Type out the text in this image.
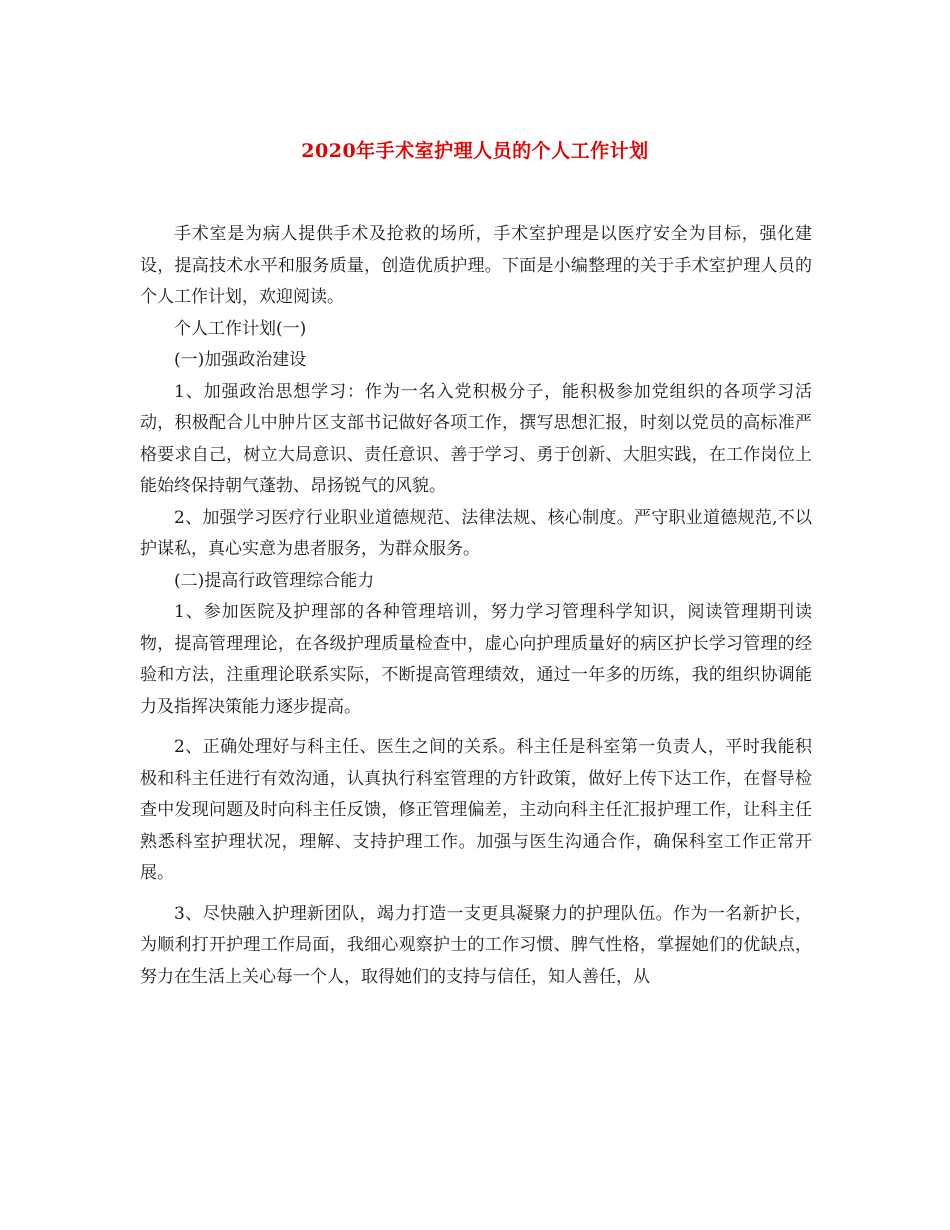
2020年手术室护理人员的个人工作计划

手术室是为病人提供手术及抢救的场所，手术室护理是以医疗安全为目标，强化建设，提高技术水平和服务质量，创造优质护理。下面是小编整理的关于手术室护理人员的个人工作计划，欢迎阅读。

个人工作计划(一)

(一)加强政治建设

1、加强政治思想学习：作为一名入党积极分子，能积极参加党组织的各项学习活动，积极配合儿中肿片区支部书记做好各项工作，撰写思想汇报，时刻以党员的高标准严格要求自己，树立大局意识、责任意识、善于学习、勇于创新、大胆实践，在工作岗位上能始终保持朝气蓬勃、昂扬锐气的风貌。

2、加强学习医疗行业职业道德规范、法律法规、核心制度。严守职业道德规范,不以护谋私，真心实意为患者服务，为群众服务。

(二)提高行政管理综合能力

1、参加医院及护理部的各种管理培训，努力学习管理科学知识，阅读管理期刊读物，提高管理理论，在各级护理质量检查中，虚心向护理质量好的病区护长学习管理的经验和方法，注重理论联系实际，不断提高管理绩效，通过一年多的历练，我的组织协调能力及指挥决策能力逐步提高。

2、正确处理好与科主任、医生之间的关系。科主任是科室第一负责人，平时我能积极和科主任进行有效沟通，认真执行科室管理的方针政策，做好上传下达工作，在督导检查中发现问题及时向科主任反馈，修正管理偏差，主动向科主任汇报护理工作，让科主任熟悉科室护理状况，理解、支持护理工作。加强与医生沟通合作，确保科室工作正常开展。

3、尽快融入护理新团队，竭力打造一支更具凝聚力的护理队伍。作为一名新护长，为顺利打开护理工作局面，我细心观察护士的工作习惯、脾气性格，掌握她们的优缺点，努力在生活上关心每一个人，取得她们的支持与信任，知人善任，从
